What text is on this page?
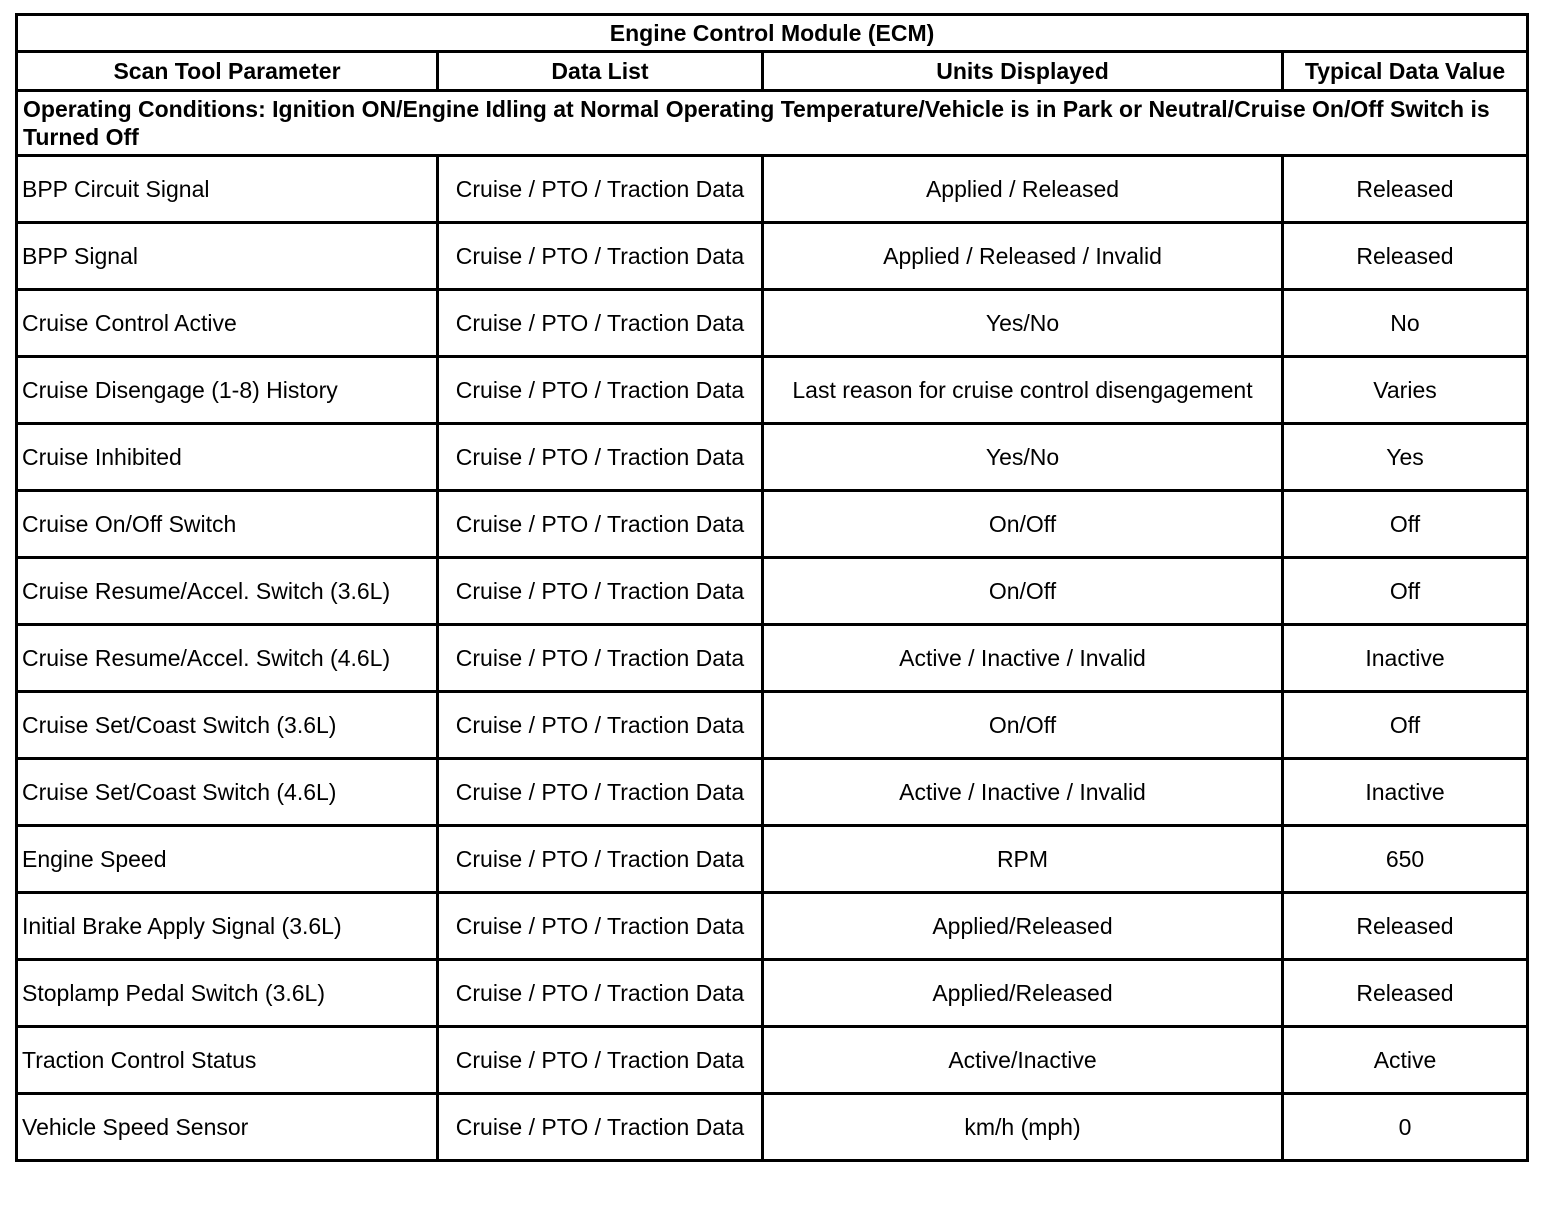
Engine Control Module (ECM)			
Scan Tool Parameter	Data List	Units Displayed	Typical Data Value
Operating Conditions: Ignition ON/Engine Idling at Normal Operating Temperature/Vehicle is in Park or Neutral/Cruise On/Off Switch is Turned Off			
BPP Circuit Signal	Cruise / PTO / Traction Data	Applied / Released	Released
BPP Signal	Cruise / PTO / Traction Data	Applied / Released / Invalid	Released
Cruise Control Active	Cruise / PTO / Traction Data	Yes/No	No
Cruise Disengage (1-8) History	Cruise / PTO / Traction Data	Last reason for cruise control disengagement	Varies
Cruise Inhibited	Cruise / PTO / Traction Data	Yes/No	Yes
Cruise On/Off Switch	Cruise / PTO / Traction Data	On/Off	Off
Cruise Resume/Accel. Switch (3.6L)	Cruise / PTO / Traction Data	On/Off	Off
Cruise Resume/Accel. Switch (4.6L)	Cruise / PTO / Traction Data	Active / Inactive / Invalid	Inactive
Cruise Set/Coast Switch (3.6L)	Cruise / PTO / Traction Data	On/Off	Off
Cruise Set/Coast Switch (4.6L)	Cruise / PTO / Traction Data	Active / Inactive / Invalid	Inactive
Engine Speed	Cruise / PTO / Traction Data	RPM	650
Initial Brake Apply Signal (3.6L)	Cruise / PTO / Traction Data	Applied/Released	Released
Stoplamp Pedal Switch (3.6L)	Cruise / PTO / Traction Data	Applied/Released	Released
Traction Control Status	Cruise / PTO / Traction Data	Active/Inactive	Active
Vehicle Speed Sensor	Cruise / PTO / Traction Data	km/h (mph)	0
